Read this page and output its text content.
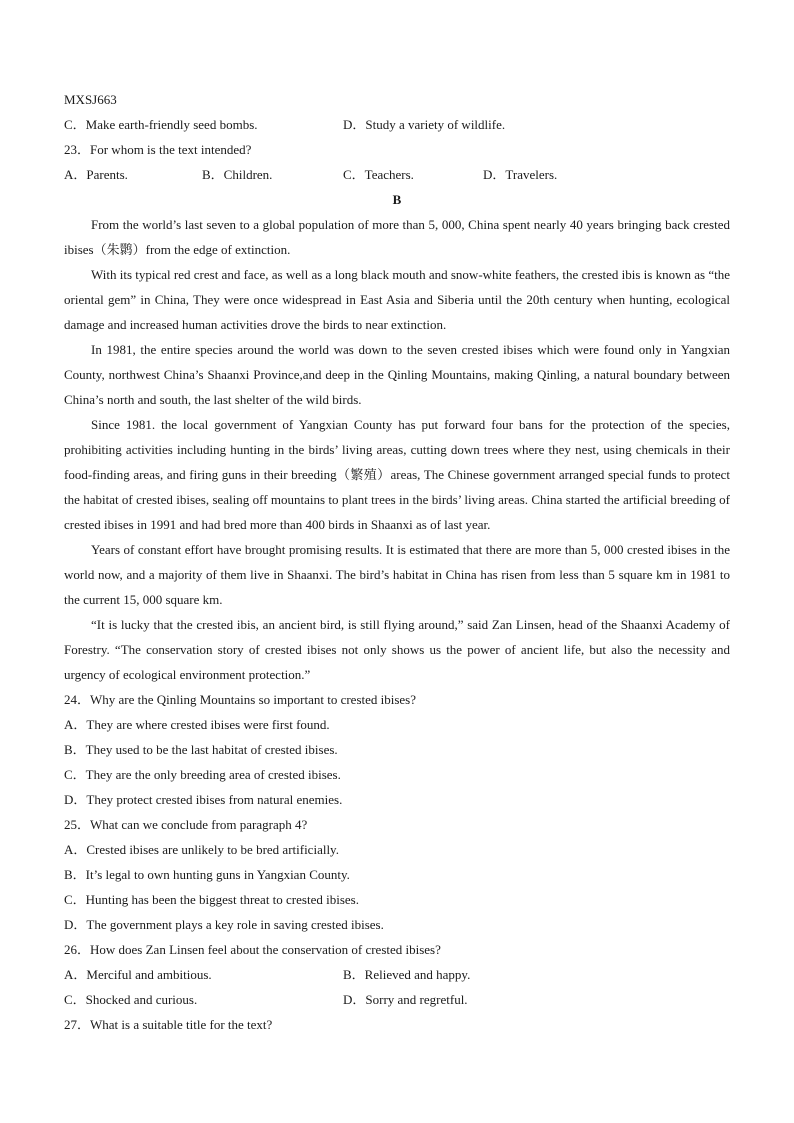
MXSJ663
C．Make earth-friendly seed bombs.	D．Study a variety of wildlife.
23．For whom is the text intended?
A．Parents.	B．Children.	C．Teachers.	D．Travelers.
B

From the world’s last seven to a global population of more than 5, 000, China spent nearly 40 years bringing back crested ibises（朱鹮）from the edge of extinction.

With its typical red crest and face, as well as a long black mouth and snow-white feathers, the crested ibis is known as “the oriental gem” in China, They were once widespread in East Asia and Siberia until the 20th century when hunting, ecological damage and increased human activities drove the birds to near extinction.

In 1981, the entire species around the world was down to the seven crested ibises which were found only in Yangxian County, northwest China’s Shaanxi Province,and deep in the Qinling Mountains, making Qinling, a natural boundary between China’s north and south, the last shelter of the wild birds.

Since 1981. the local government of Yangxian County has put forward four bans for the protection of the species, prohibiting activities including hunting in the birds’ living areas, cutting down trees where they nest, using chemicals in their food-finding areas, and firing guns in their breeding（繁殖）areas, The Chinese government arranged special funds to protect the habitat of crested ibises, sealing off mountains to plant trees in the birds’ living areas. China started the artificial breeding of crested ibises in 1991 and had bred more than 400 birds in Shaanxi as of last year.

Years of constant effort have brought promising results. It is estimated that there are more than 5, 000 crested ibises in the world now, and a majority of them live in Shaanxi. The bird’s habitat in China has risen from less than 5 square km in 1981 to the current 15, 000 square km.

“It is lucky that the crested ibis, an ancient bird, is still flying around,” said Zan Linsen, head of the Shaanxi Academy of Forestry. “The conservation story of crested ibises not only shows us the power of ancient life, but also the necessity and urgency of ecological environment protection.”

24．Why are the Qinling Mountains so important to crested ibises?
A．They are where crested ibises were first found.
B．They used to be the last habitat of crested ibises.
C．They are the only breeding area of crested ibises.
D．They protect crested ibises from natural enemies.
25．What can we conclude from paragraph 4?
A．Crested ibises are unlikely to be bred artificially.
B．It’s legal to own hunting guns in Yangxian County.
C．Hunting has been the biggest threat to crested ibises.
D．The government plays a key role in saving crested ibises.
26．How does Zan Linsen feel about the conservation of crested ibises?
A．Merciful and ambitious.	B．Relieved and happy.
C．Shocked and curious.	D．Sorry and regretful.
27．What is a suitable title for the text?
